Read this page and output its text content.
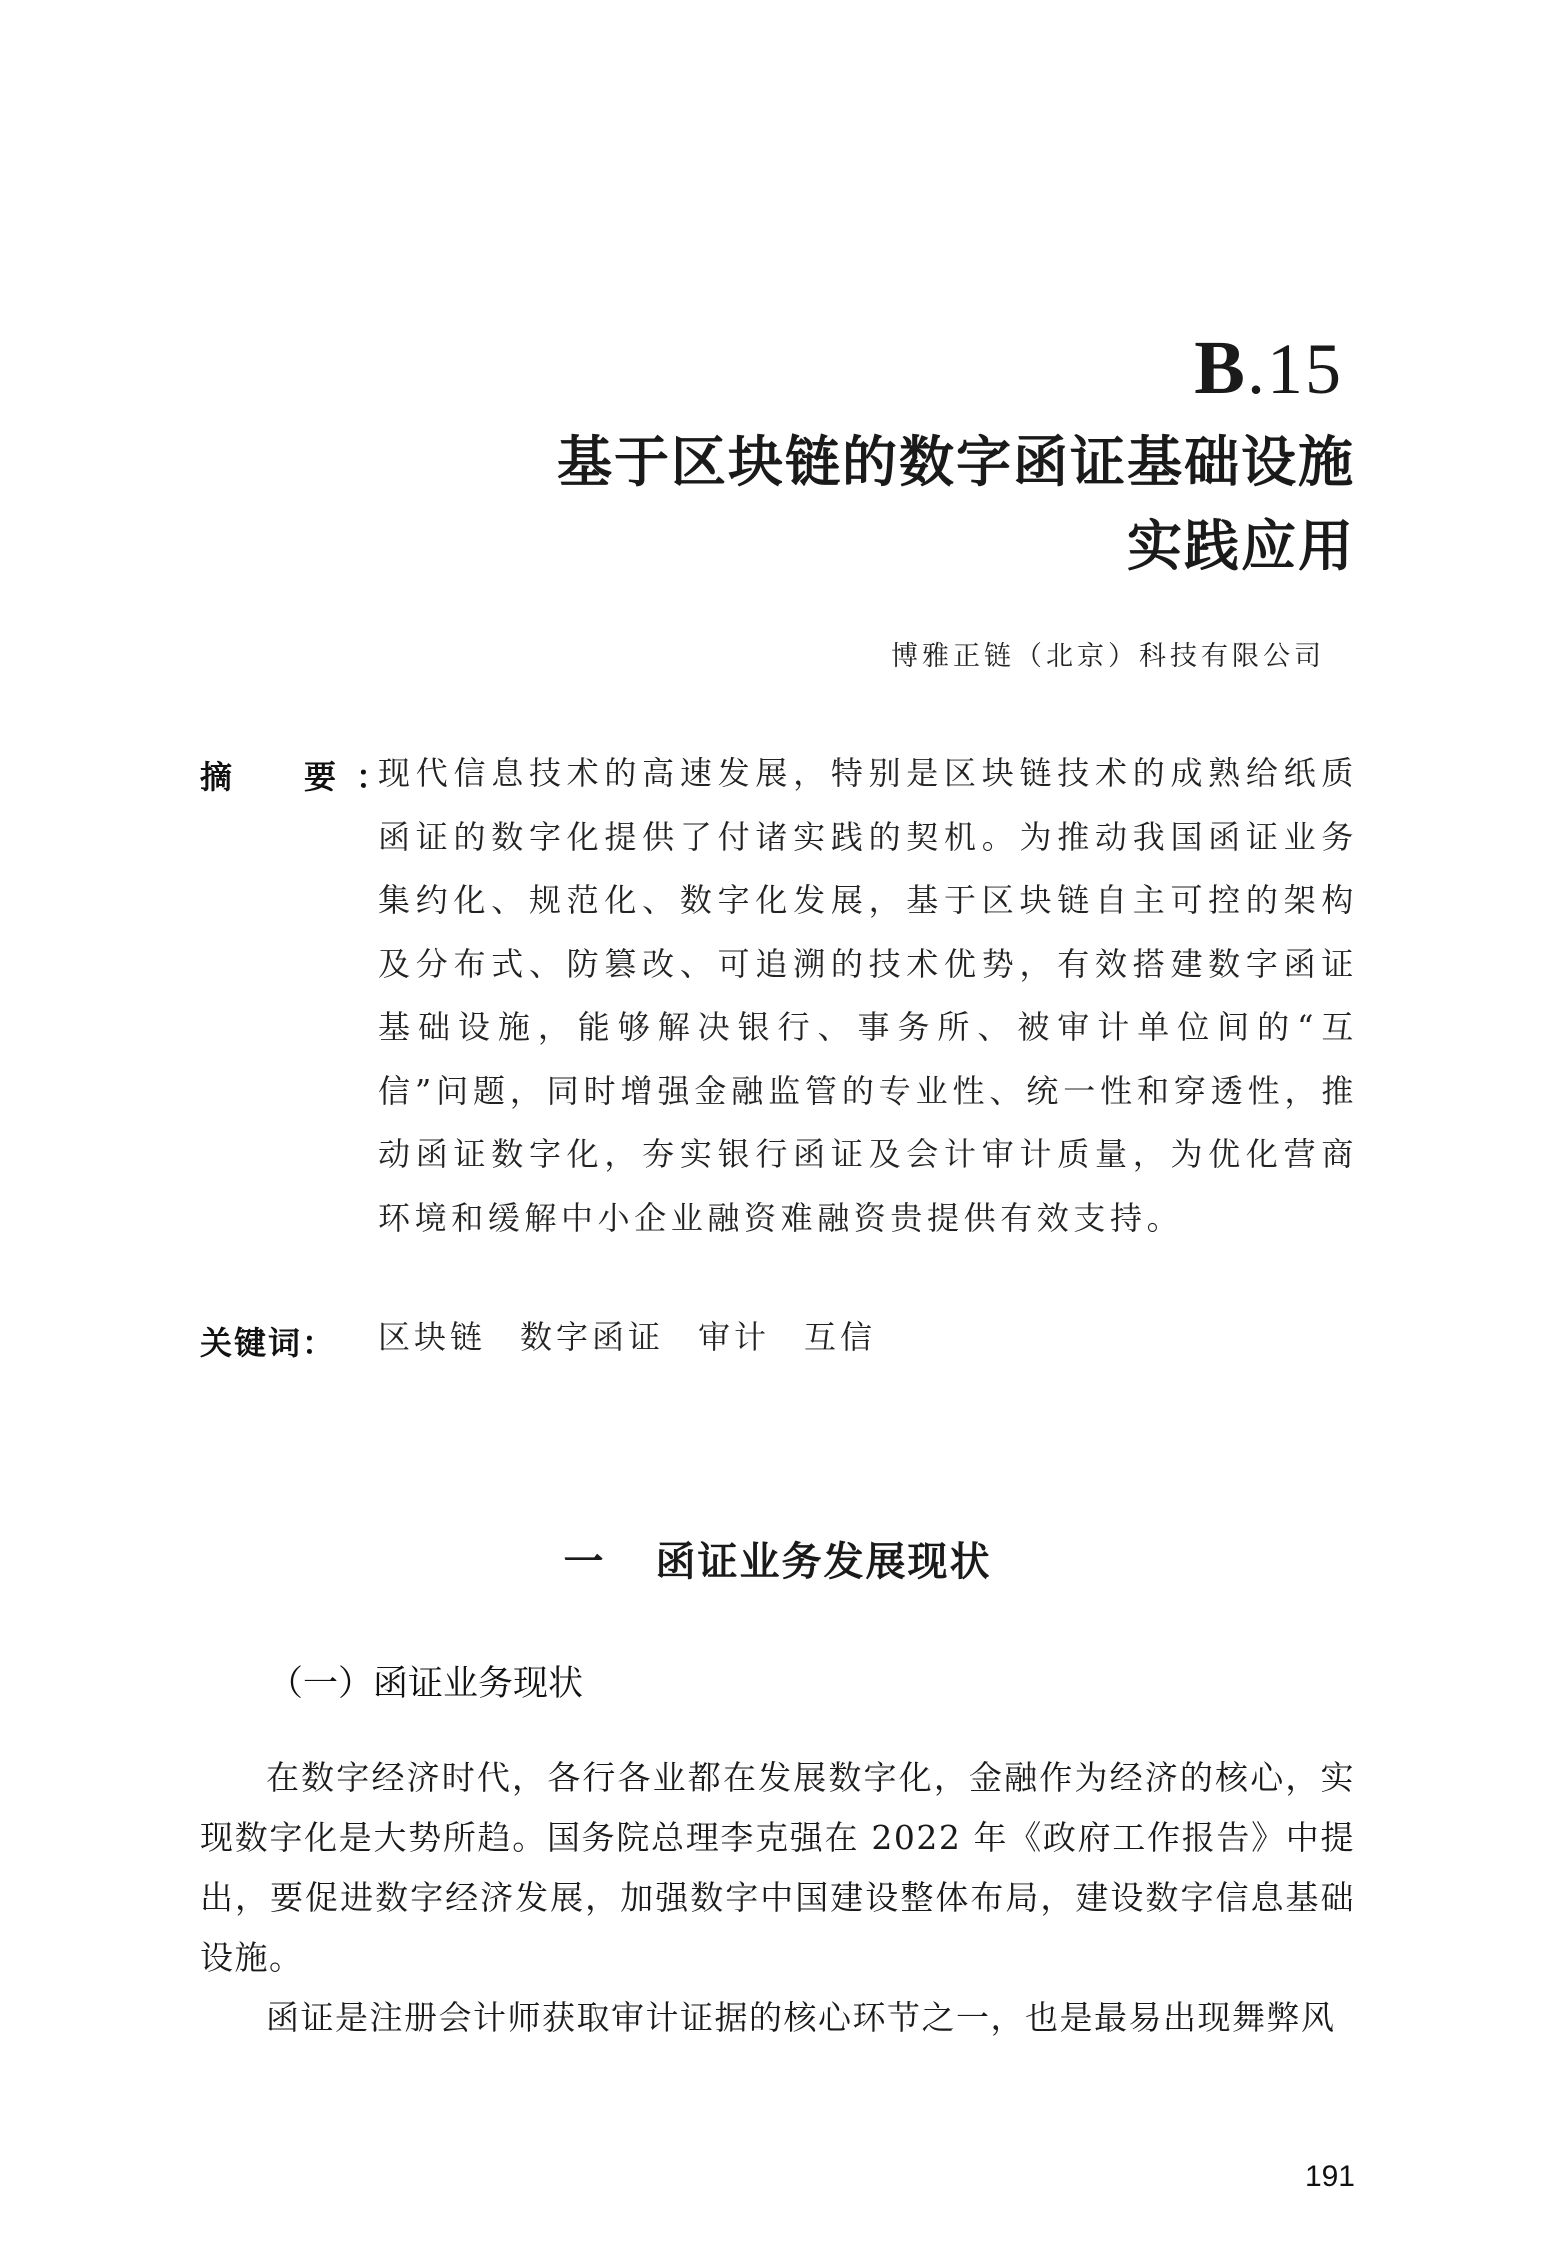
B.15
基于区块链的数字函证基础设施
实践应用
博雅正链（北京）科技有限公司
摘　要：
现代信息技术的高速发展，特别是区块链技术的成熟给纸质函证的数字化提供了付诸实践的契机。为推动我国函证业务集约化、规范化、数字化发展，基于区块链自主可控的架构及分布式、防篡改、可追溯的技术优势，有效搭建数字函证基础设施，能够解决银行、事务所、被审计单位间的“互信”问题，同时增强金融监管的专业性、统一性和穿透性，推动函证数字化，夯实银行函证及会计审计质量，为优化营商环境和缓解中小企业融资难融资贵提供有效支持。
关键词： 区块链 数字函证 审计 互信
一 函证业务发展现状
（一）函证业务现状

在数字经济时代，各行各业都在发展数字化，金融作为经济的核心，实现数字化是大势所趋。国务院总理李克强在 2022 年《政府工作报告》中提出，要促进数字经济发展，加强数字中国建设整体布局，建设数字信息基础设施。

函证是注册会计师获取审计证据的核心环节之一，也是最易出现舞弊风

191
